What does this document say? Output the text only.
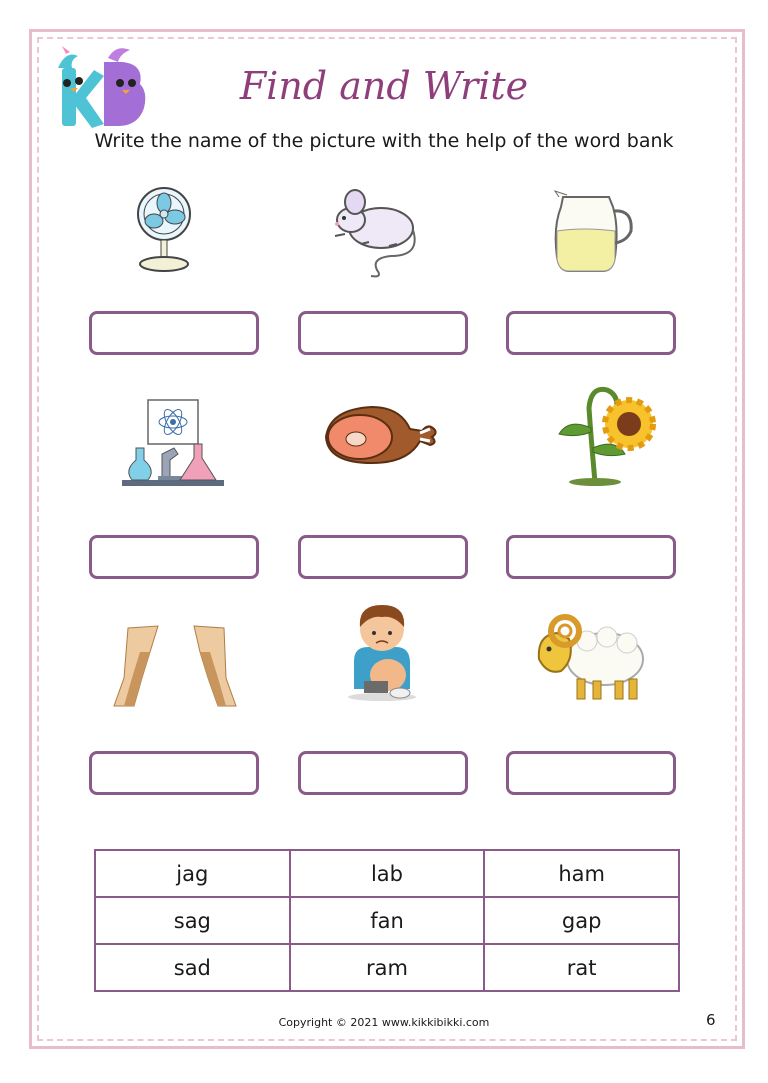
Find and Write

Write the name of the picture with the help of the word bank

jag	lab	ham
sag	fan	gap
sad	ram	rat
Copyright © 2021 www.kikkibikki.com	6
